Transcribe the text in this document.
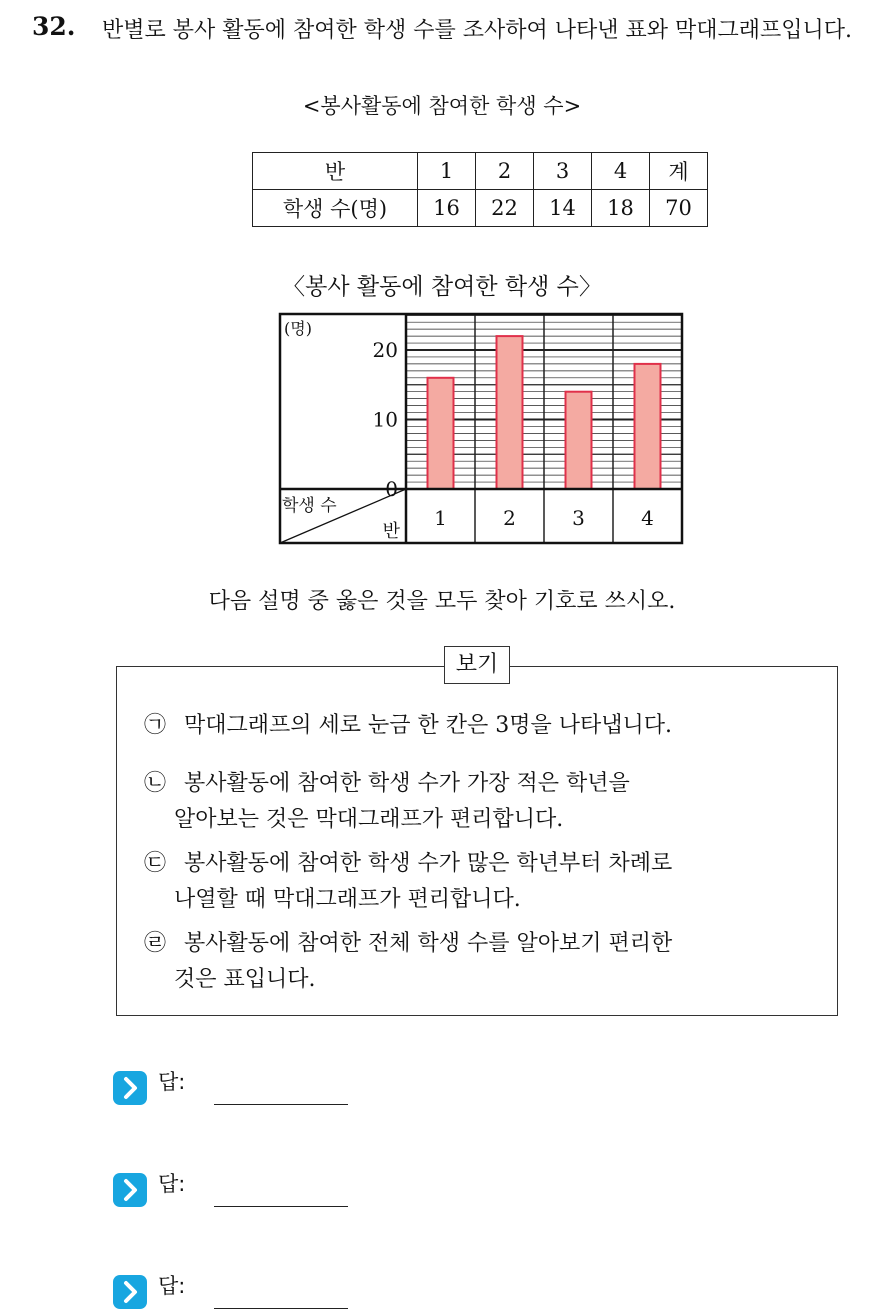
32. 반별로 봉사 활동에 참여한 학생 수를 조사하여 나타낸 표와 막대그래프입니다.
<봉사활동에 참여한 학생 수>
반	1	2	3	4	계
학생 수(명)	16	22	14	18	70
〈봉사 활동에 참여한 학생 수〉
0
10
20
(명)
1	2	3	4
학생 수
반
다음 설명 중 옳은 것을 모두 찾아 기호로 쓰시오.
보기
㉠ 막대그래프의 세로 눈금 한 칸은 3명을 나타냅니다.
㉡ 봉사활동에 참여한 학생 수가 가장 적은 학년을
알아보는 것은 막대그래프가 편리합니다.
㉢ 봉사활동에 참여한 학생 수가 많은 학년부터 차례로
나열할 때 막대그래프가 편리합니다.
㉣ 봉사활동에 참여한 전체 학생 수를 알아보기 편리한
것은 표입니다.
답:
답:
답:
